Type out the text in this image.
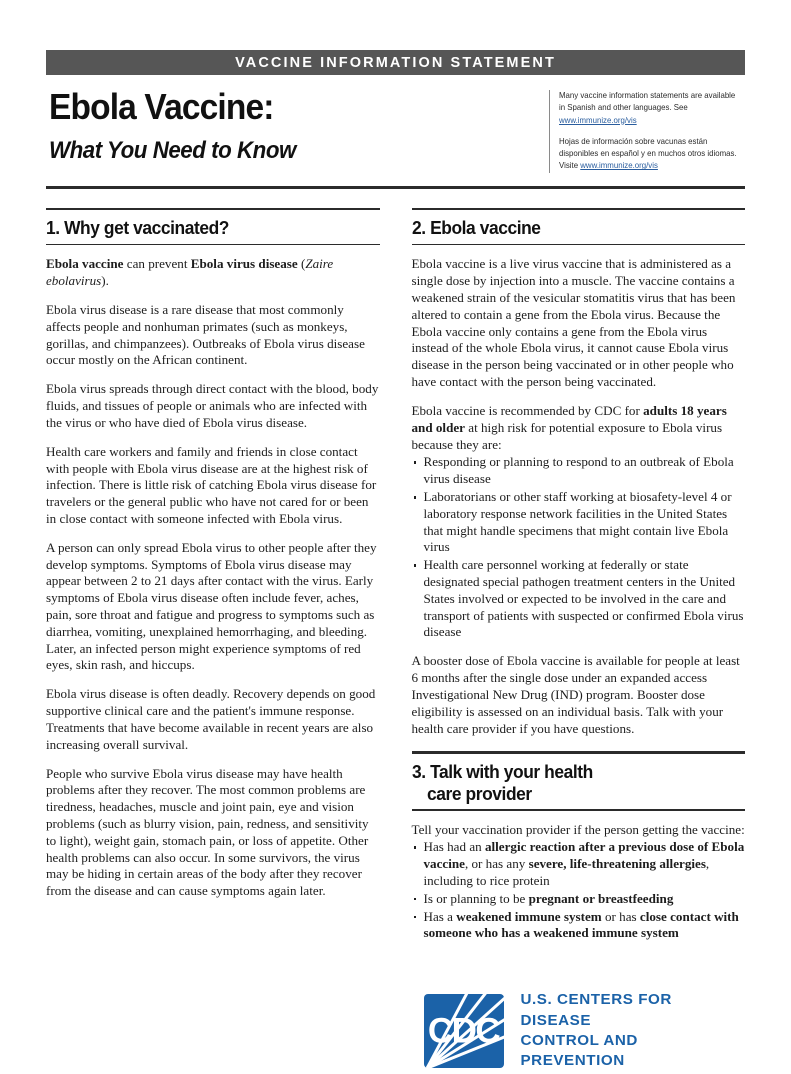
VACCINE INFORMATION STATEMENT
Ebola Vaccine:
What You Need to Know

Many vaccine information statements are available in Spanish and other languages. See www.immunize.org/vis

Hojas de información sobre vacunas están disponibles en español y en muchos otros idiomas. Visite www.immunize.org/vis

1. Why get vaccinated?

Ebola vaccine can prevent Ebola virus disease (Zaire ebolavirus).

Ebola virus disease is a rare disease that most commonly affects people and nonhuman primates (such as monkeys, gorillas, and chimpanzees). Outbreaks of Ebola virus disease occur mostly on the African continent.

Ebola virus spreads through direct contact with the blood, body fluids, and tissues of people or animals who are infected with the virus or who have died of Ebola virus disease.

Health care workers and family and friends in close contact with people with Ebola virus disease are at the highest risk of infection. There is little risk of catching Ebola virus disease for travelers or the general public who have not cared for or been in close contact with someone infected with Ebola virus.

A person can only spread Ebola virus to other people after they develop symptoms. Symptoms of Ebola virus disease may appear between 2 to 21 days after contact with the virus. Early symptoms of Ebola virus disease often include fever, aches, pain, sore throat and fatigue and progress to symptoms such as diarrhea, vomiting, unexplained hemorrhaging, and bleeding. Later, an infected person might experience symptoms of red eyes, skin rash, and hiccups.

Ebola virus disease is often deadly. Recovery depends on good supportive clinical care and the patient's immune response. Treatments that have become available in recent years are also increasing overall survival.

People who survive Ebola virus disease may have health problems after they recover. The most common problems are tiredness, headaches, muscle and joint pain, eye and vision problems (such as blurry vision, pain, redness, and sensitivity to light), weight gain, stomach pain, or loss of appetite. Other health problems can also occur. In some survivors, the virus may be hiding in certain areas of the body after they recover from the disease and can cause symptoms again later.

2. Ebola vaccine

Ebola vaccine is a live virus vaccine that is administered as a single dose by injection into a muscle. The vaccine contains a weakened strain of the vesicular stomatitis virus that has been altered to contain a gene from the Ebola virus. Because the Ebola vaccine only contains a gene from the Ebola virus instead of the whole Ebola virus, it cannot cause Ebola virus disease in the person being vaccinated or in other people who have contact with the person being vaccinated.

Ebola vaccine is recommended by CDC for adults 18 years and older at high risk for potential exposure to Ebola virus because they are:

Responding or planning to respond to an outbreak of Ebola virus disease
Laboratorians or other staff working at biosafety-level 4 or laboratory response network facilities in the United States that might handle specimens that might contain live Ebola virus
Health care personnel working at federally or state designated special pathogen treatment centers in the United States involved or expected to be involved in the care and transport of patients with suspected or confirmed Ebola virus disease

A booster dose of Ebola vaccine is available for people at least 6 months after the single dose under an expanded access Investigational New Drug (IND) program. Booster dose eligibility is assessed on an individual basis. Talk with your health care provider if you have questions.

3. Talk with your health
care provider

Tell your vaccination provider if the person getting the vaccine:

Has had an allergic reaction after a previous dose of Ebola vaccine, or has any severe, life-threatening allergies, including to rice protein
Is or planning to be pregnant or breastfeeding
Has a weakened immune system or has close contact with someone who has a weakened immune system
CDC
U.S. CENTERS FOR DISEASE
CONTROL AND PREVENTION
